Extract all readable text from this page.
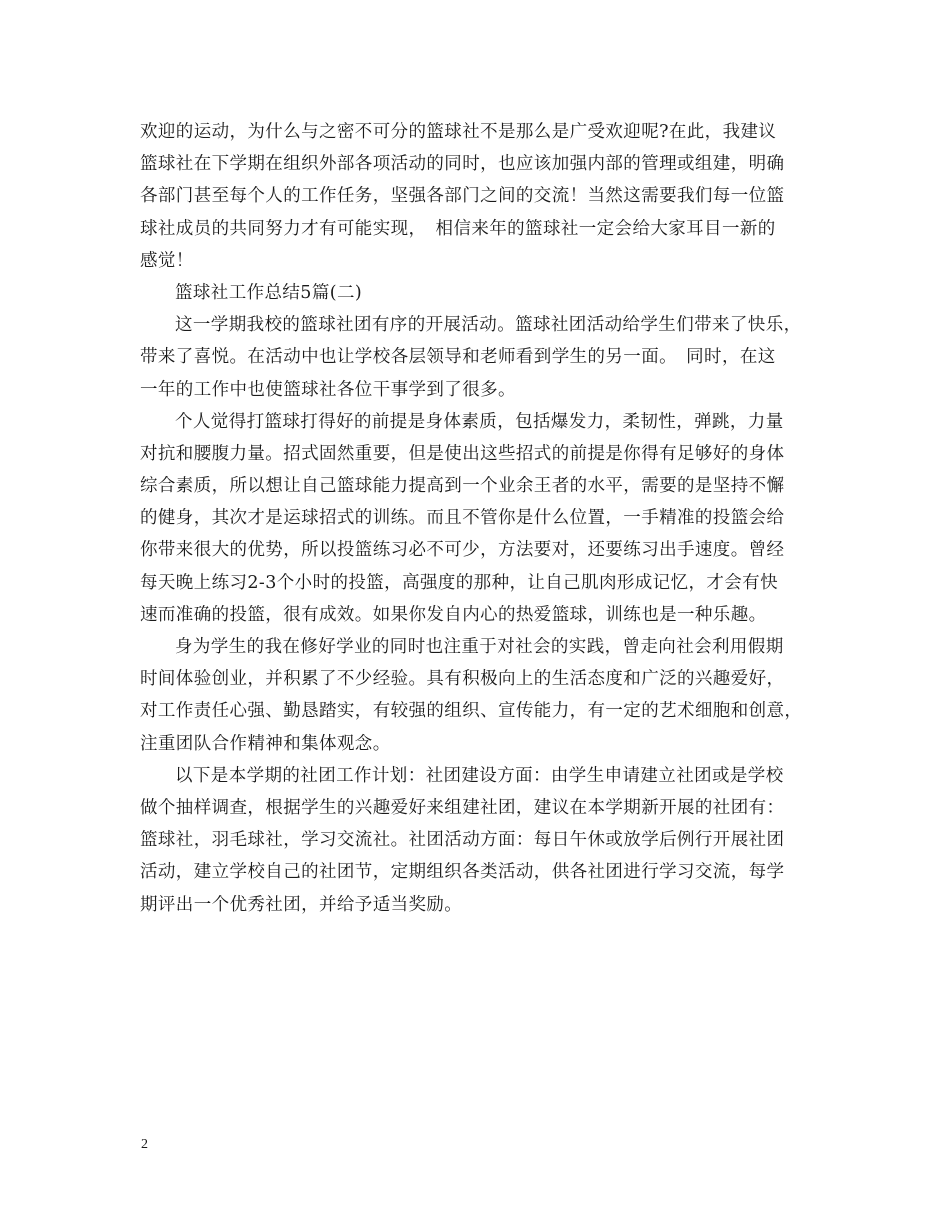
欢迎的运动，为什么与之密不可分的篮球社不是那么是广受欢迎呢?在此，我建议
篮球社在下学期在组织外部各项活动的同时，也应该加强内部的管理或组建，明确
各部门甚至每个人的工作任务，坚强各部门之间的交流！当然这需要我们每一位篮
球社成员的共同努力才有可能实现，　相信来年的篮球社一定会给大家耳目一新的
感觉！
篮球社工作总结5篇(二)
这一学期我校的篮球社团有序的开展活动。篮球社团活动给学生们带来了快乐，
带来了喜悦。在活动中也让学校各层领导和老师看到学生的另一面。　同时，在这
一年的工作中也使篮球社各位干事学到了很多。
个人觉得打篮球打得好的前提是身体素质，包括爆发力，柔韧性，弹跳，力量
对抗和腰腹力量。招式固然重要，但是使出这些招式的前提是你得有足够好的身体
综合素质，所以想让自己篮球能力提高到一个业余王者的水平，需要的是坚持不懈
的健身，其次才是运球招式的训练。而且不管你是什么位置，一手精准的投篮会给
你带来很大的优势，所以投篮练习必不可少，方法要对，还要练习出手速度。曾经
每天晚上练习2-3个小时的投篮，高强度的那种，让自己肌肉形成记忆，才会有快
速而准确的投篮，很有成效。如果你发自内心的热爱篮球，训练也是一种乐趣。
身为学生的我在修好学业的同时也注重于对社会的实践，曾走向社会利用假期
时间体验创业，并积累了不少经验。具有积极向上的生活态度和广泛的兴趣爱好，
对工作责任心强、勤恳踏实，有较强的组织、宣传能力，有一定的艺术细胞和创意，
注重团队合作精神和集体观念。
以下是本学期的社团工作计划：社团建设方面：由学生申请建立社团或是学校
做个抽样调查，根据学生的兴趣爱好来组建社团，建议在本学期新开展的社团有：
篮球社，羽毛球社，学习交流社。社团活动方面：每日午休或放学后例行开展社团
活动，建立学校自己的社团节，定期组织各类活动，供各社团进行学习交流，每学
期评出一个优秀社团，并给予适当奖励。
2
